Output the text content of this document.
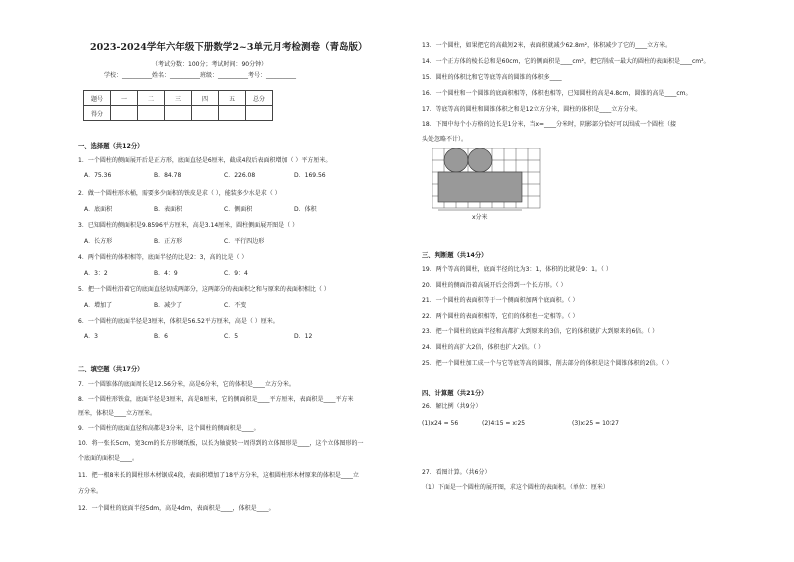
2023-2024学年六年级下册数学2~3单元月考检测卷（青岛版）
（考试分数：100分；考试时间：90分钟）
学校：__________姓名：__________班级：__________考号：__________
题号	一	二	三	四	五	总分
得分						
一、选择题（共12分）
1．一个圆柱的侧面展开后是正方形，底面直径是6厘米，截成4段后表面积增加（ ）平方厘米。
A．75.36	B．84.78	C．226.08	D．169.56
2．做一个圆柱形水桶，需要多少面积的铁皮是求（ ），能装多少水是求（ ）
A．底面积	B．表面积	C．侧面积	D．体积
3．已知圆柱的侧面积是9.8596平方厘米，高是3.14厘米，圆柱侧面展开图是（ ）
A．长方形	B．正方形	C．平行四边形
4．两个圆柱的体积相等，底面半径的比是2：3，高的比是（ ）
A．3：2	B．4：9	C．9：4
5．把一个圆柱沿着它的底面直径切成两部分，这两部分的表面积之和与原来的表面积相比（ ）
A．增加了	B．减少了	C．不变
6．一个圆柱的底面半径是3厘米，体积是56.52平方厘米，高是（ ）厘米。
A．3	B．6	C．5	D．12
二、填空题（共17分）
7．一个圆锥体的底面周长是12.56分米，高是6分米，它的体积是____立方分米。
8．一个圆柱形铁盒，底面半径是3厘米，高是8厘米，它的侧面积是____平方厘米，表面积是____平方米
厘米，体积是____立方厘米。
9．一个圆柱的底面直径和高都是3分米，这个圆柱的侧面积是____。
10．将一张长5cm，宽3cm的长方形硬纸板，以长为轴旋转一周得到的立体图形是____，这个立体图形的一
个底面的面积是____。
11．把一根8米长的圆柱形木材锯成4段，表面积增加了18平方分米，这根圆柱形木材原来的体积是____立
方分米。
12．一个圆柱的底面半径5dm，高是4dm，表面积是____，体积是____。
13．一个圆柱，如果把它的高截短2米，表面积就减少62.8m²，体积减少了它的____立方米。
14．一个正方体的棱长总和是60cm，它的侧面积是____cm²，把它削成一最大的圆柱的表面积是____cm²。
15．圆柱的体积比和它等底等高的圆锥的体积多____
16．一个圆柱和一个圆锥的底面积相等，体积也相等，已知圆柱的高是4.8cm，圆锥的高是____cm。
17．等底等高的圆柱和圆锥体积之和是12立方分米，圆柱的体积是____立方分米。
18．下图中每个小方格的边长是1分米，当x=____分米时，阴影部分恰好可以围成一个圆柱（接
头处忽略不计）。
x分米
三、判断题（共14分）
19．两个等高的圆柱，底面半径的比为3：1，体积的比就是9：1。（ ）
20．圆柱的侧面沿着高展开后会得到一个长方形。（ ）
21．一个圆柱的表面积等于一个侧面积加两个底面积。（ ）
22．两个圆柱的表面积相等，它们的体积也一定相等。（ ）
23．把一个圆柱的底面半径和高都扩大到原来的3倍，它的体积就扩大到原来的6倍。（ ）
24．圆柱的高扩大2倍，体积也扩大2倍。（ ）
25．把一个圆柱加工成一个与它等底等高的圆锥，削去部分的体积是这个圆锥体积的2倍。（ ）
四、计算题（共21分）
26．解比例（共9分）
(1)x24 = 56	(2)4∶15 = x∶25	(3)x∶25 = 10∶27
27．看图计算。（共6分）
（1）下面是一个圆柱的展开图，求这个圆柱的表面积。（单位：厘米）
